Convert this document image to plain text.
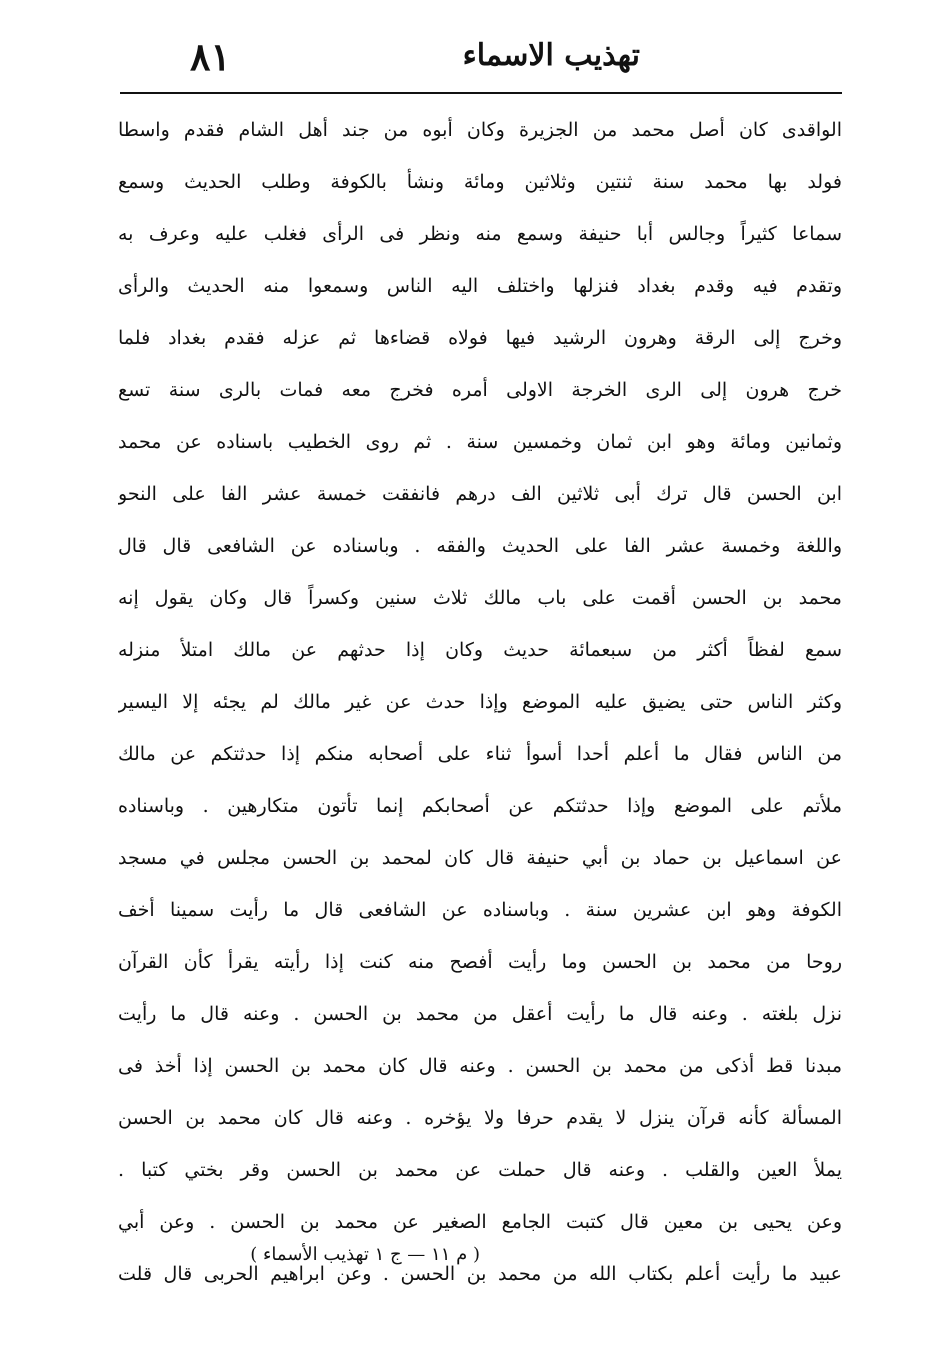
تهذيب الاسماء
٨١
الواقدى كان أصل محمد من الجزيرة وكان أبوه من جند أهل الشام فقدم واسطا
فولد بها محمد سنة ثنتين وثلاثين ومائة ونشأ بالكوفة وطلب الحديث وسمع
سماعا كثيراً وجالس أبا حنيفة وسمع منه ونظر فى الرأى فغلب عليه وعرف به
وتقدم فيه وقدم بغداد فنزلها واختلف اليه الناس وسمعوا منه الحديث والرأى
وخرج إلى الرقة وهرون الرشيد فيها فولاه قضاءها ثم عزله فقدم بغداد فلما
خرج هرون إلى الرى الخرجة الاولى أمره فخرج معه فمات بالرى سنة تسع
وثمانين ومائة وهو ابن ثمان وخمسين سنة . ثم روى الخطيب باسناده عن محمد
ابن الحسن قال ترك أبى ثلاثين الف درهم فانفقت خمسة عشر الفا على النحو
واللغة وخمسة عشر الفا على الحديث والفقه . وباسناده عن الشافعى قال قال
محمد بن الحسن أقمت على باب مالك ثلاث سنين وكسراً قال وكان يقول إنه
سمع لفظاً أكثر من سبعمائة حديث وكان إذا حدثهم عن مالك امتلأ منزله
وكثر الناس حتى يضيق عليه الموضع وإذا حدث عن غير مالك لم يجئه إلا اليسير
من الناس فقال ما أعلم أحدا أسوأ ثناء على أصحابه منكم إذا حدثتكم عن مالك
ملأتم على الموضع وإذا حدثتكم عن أصحابكم إنما تأتون متكارهين . وباسناده
عن اسماعيل بن حماد بن أبي حنيفة قال كان لمحمد بن الحسن مجلس في مسجد
الكوفة وهو ابن عشرين سنة . وباسناده عن الشافعى قال ما رأيت سمينا أخف
روحا من محمد بن الحسن وما رأيت أفصح منه كنت إذا رأيته يقرأ كأن القرآن
نزل بلغته . وعنه قال ما رأيت أعقل من محمد بن الحسن . وعنه قال ما رأيت
مبدنا قط أذكى من محمد بن الحسن . وعنه قال كان محمد بن الحسن إذا أخذ فى
المسألة كأنه قرآن ينزل لا يقدم حرفا ولا يؤخره . وعنه قال كان محمد بن الحسن
يملأ العين والقلب . وعنه قال حملت عن محمد بن الحسن وقر بختي كتبا .
وعن يحيى بن معين قال كتبت الجامع الصغير عن محمد بن الحسن . وعن أبي
عبيد ما رأيت أعلم بكتاب الله من محمد بن الحسن . وعن ابراهيم الحربى قال قلت
( م ١١ — ج ١ تهذيب الأسماء )
